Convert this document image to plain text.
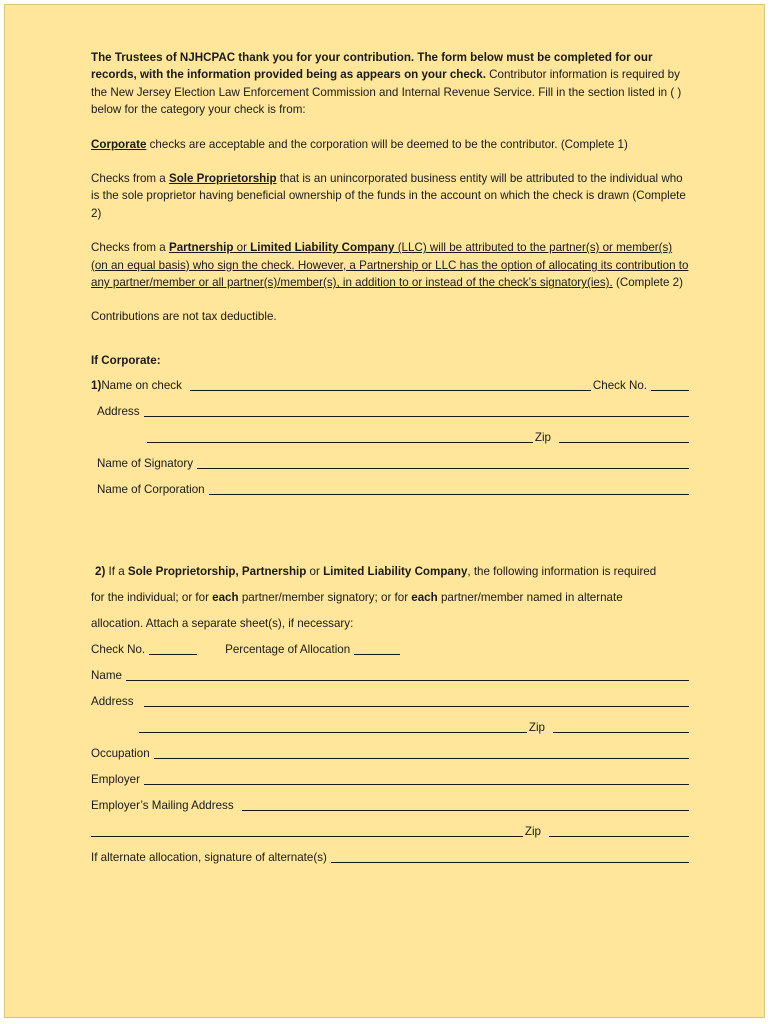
The Trustees of NJHCPAC thank you for your contribution. The form below must be completed for our records, with the information provided being as appears on your check. Contributor information is required by the New Jersey Election Law Enforcement Commission and Internal Revenue Service. Fill in the section listed in ( ) below for the category your check is from:

Corporate checks are acceptable and the corporation will be deemed to be the contributor. (Complete 1)

Checks from a Sole Proprietorship that is an unincorporated business entity will be attributed to the individual who is the sole proprietor having beneficial ownership of the funds in the account on which the check is drawn (Complete 2)

Checks from a Partnership or Limited Liability Company (LLC) will be attributed to the partner(s) or member(s) (on an equal basis) who sign the check. However, a Partnership or LLC has the option of allocating its contribution to any partner/member or all partner(s)/member(s), in addition to or instead of the check’s signatory(ies). (Complete 2)

Contributions are not tax deductible.

If Corporate:

1) Name on check	Check No.
Address
Zip
Name of Signatory
Name of Corporation

2) If a Sole Proprietorship, Partnership or Limited Liability Company, the following information is required

for the individual; or for each partner/member signatory; or for each partner/member named in alternate

allocation. Attach a separate sheet(s), if necessary:

Check No.	Percentage of Allocation
Name
Address
Zip
Occupation
Employer
Employer’s Mailing Address
Zip
If alternate allocation, signature of alternate(s)
